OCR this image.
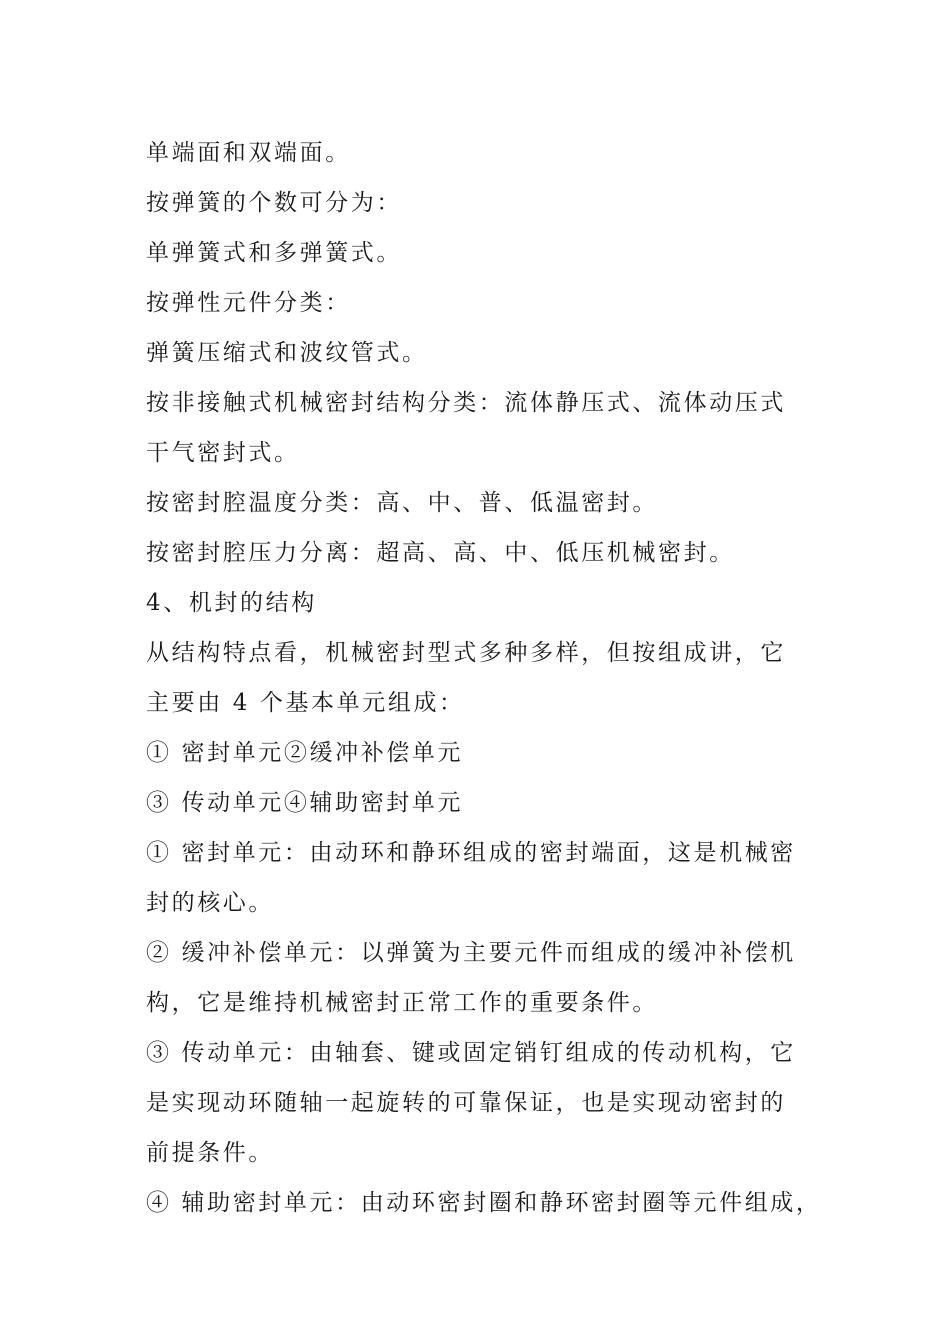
单端面和双端面。
按弹簧的个数可分为：
单弹簧式和多弹簧式。
按弹性元件分类：
弹簧压缩式和波纹管式。
按非接触式机械密封结构分类：流体静压式、流体动压式
干气密封式。
按密封腔温度分类：高、中、普、低温密封。
按密封腔压力分离：超高、高、中、低压机械密封。
4、机封的结构
从结构特点看，机械密封型式多种多样，但按组成讲，它
主要由 4 个基本单元组成：
① 密封单元②缓冲补偿单元
③ 传动单元④辅助密封单元
① 密封单元：由动环和静环组成的密封端面，这是机械密
封的核心。
② 缓冲补偿单元：以弹簧为主要元件而组成的缓冲补偿机
构，它是维持机械密封正常工作的重要条件。
③ 传动单元：由轴套、键或固定销钉组成的传动机构，它
是实现动环随轴一起旋转的可靠保证，也是实现动密封的
前提条件。
④ 辅助密封单元：由动环密封圈和静环密封圈等元件组成，
